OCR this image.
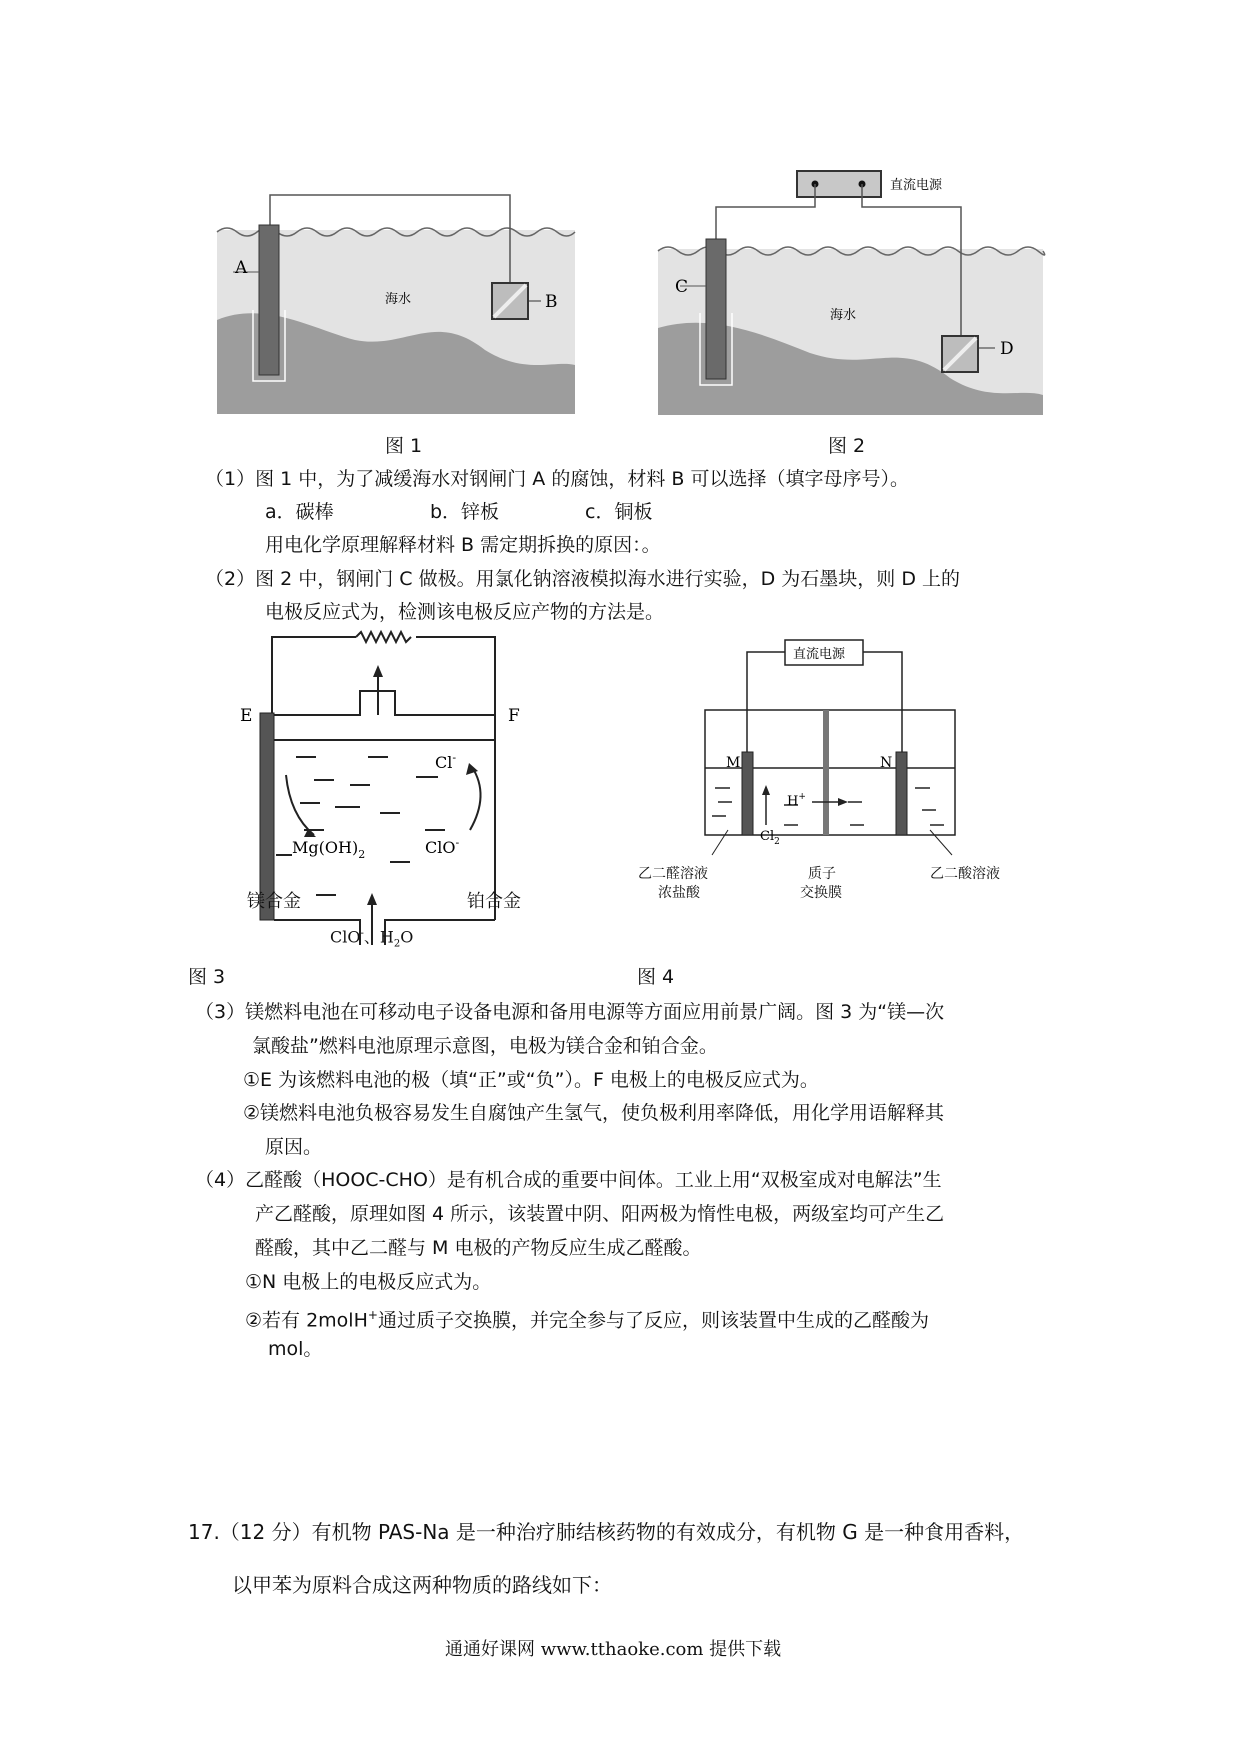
A
B
海水
图 1
直流电源
C
D
海水
图 2
（1）图 1 中，为了减缓海水对钢闸门 A 的腐蚀，材料 B 可以选择（填字母序号）。
a．碳棒	b．锌板	c．铜板
用电化学原理解释材料 B 需定期拆换的原因：。
（2）图 2 中，钢闸门 C 做极。用氯化钠溶液模拟海水进行实验，D 为石墨块，则 D 上的
电极反应式为，检测该电极反应产物的方法是。
E	F
Cl-
$Mg(OH)_2$	ClO-
镁合金	铂合金
ClO-、$H_2O$
直流电源
M	N
H+
$Cl_2$
乙二醛溶液
浓盐酸
质子
交换膜
乙二酸溶液
图 3	图 4
（3）镁燃料电池在可移动电子设备电源和备用电源等方面应用前景广阔。图 3 为“镁—次
氯酸盐”燃料电池原理示意图，电极为镁合金和铂合金。
①E 为该燃料电池的极（填“正”或“负”）。F 电极上的电极反应式为。
②镁燃料电池负极容易发生自腐蚀产生氢气，使负极利用率降低，用化学用语解释其
原因。
（4）乙醛酸（HOOC-CHO）是有机合成的重要中间体。工业上用“双极室成对电解法”生
产乙醛酸，原理如图 4 所示，该装置中阴、阳两极为惰性电极，两级室均可产生乙
醛酸，其中乙二醛与 M 电极的产物反应生成乙醛酸。
①N 电极上的电极反应式为。
②若有 2molH+通过质子交换膜，并完全参与了反应，则该装置中生成的乙醛酸为
mol。
17.（12 分）有机物 PAS-Na 是一种治疗肺结核药物的有效成分，有机物 G 是一种食用香料，
以甲苯为原料合成这两种物质的路线如下：
通通好课网 www.tthaoke.com 提供下载
